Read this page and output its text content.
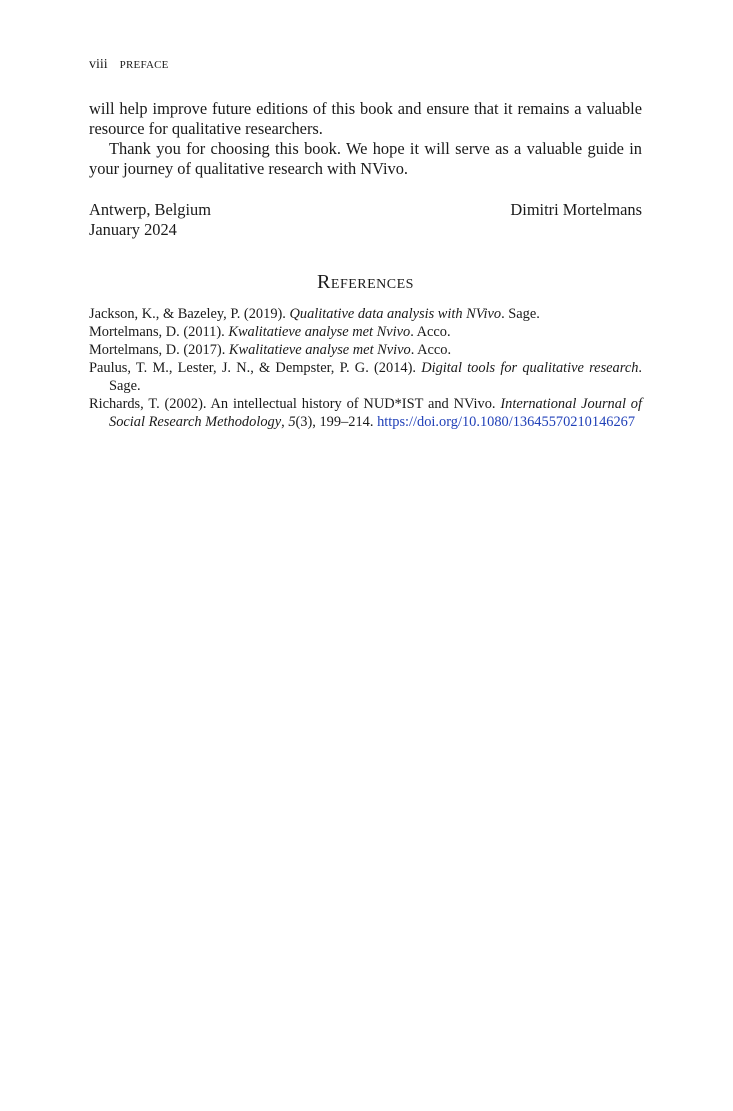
viii PREFACE

will help improve future editions of this book and ensure that it remains a valuable resource for qualitative researchers.

Thank you for choosing this book. We hope it will serve as a valuable guide in your journey of qualitative research with NVivo.

Antwerp, Belgium	Dimitri Mortelmans
January 2024
References
Jackson, K., & Bazeley, P. (2019). Qualitative data analysis with NVivo. Sage.
Mortelmans, D. (2011). Kwalitatieve analyse met Nvivo. Acco.
Mortelmans, D. (2017). Kwalitatieve analyse met Nvivo. Acco.
Paulus, T. M., Lester, J. N., & Dempster, P. G. (2014). Digital tools for qualitative research. Sage.
Richards, T. (2002). An intellectual history of NUD*IST and NVivo. International Journal of Social Research Methodology, 5(3), 199–214. https://doi.org/10.1080/13645570210146267
